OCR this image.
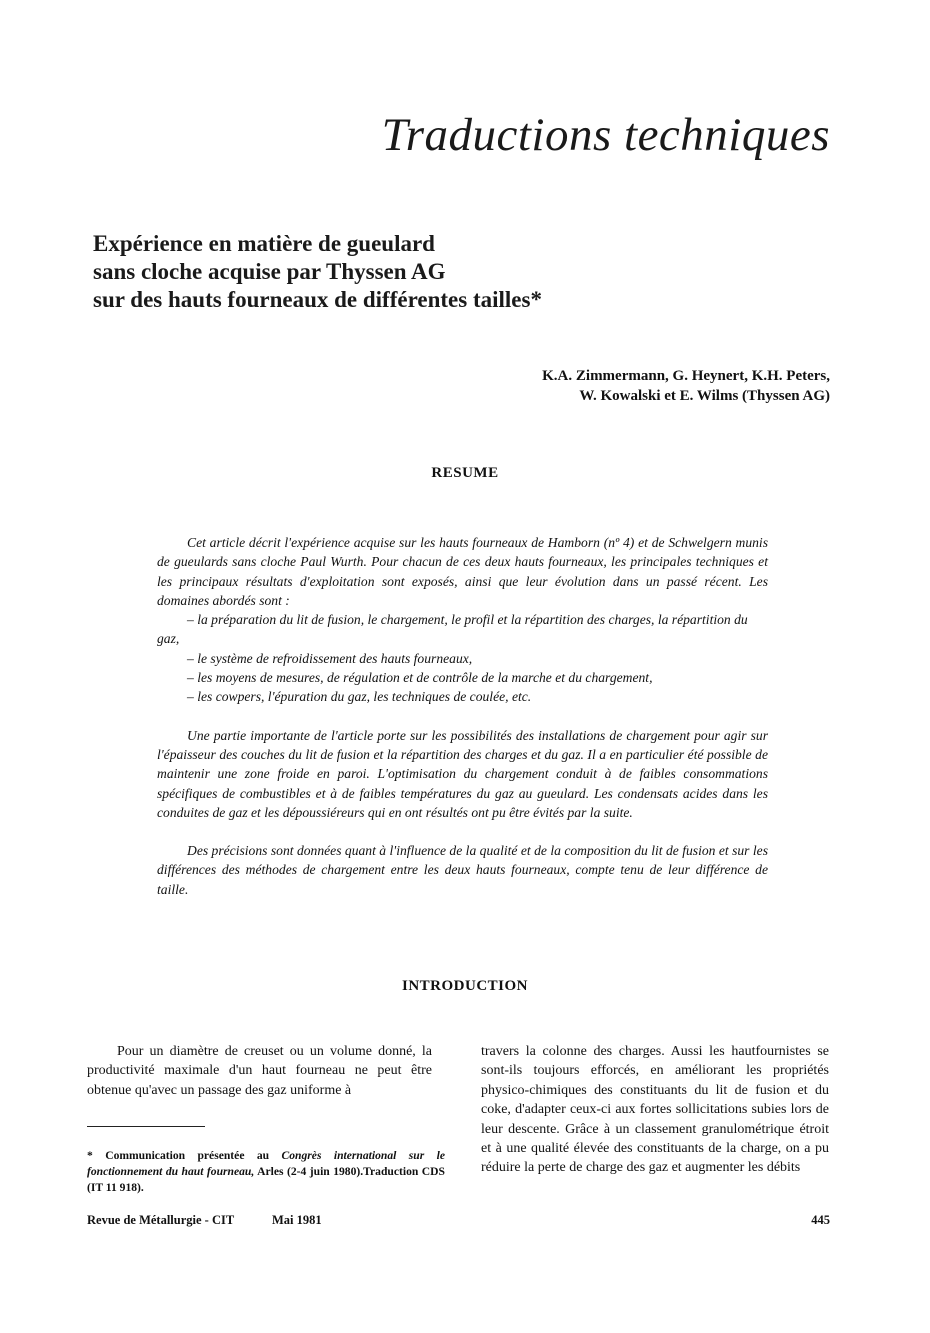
Traductions techniques
Expérience en matière de gueulard
sans cloche acquise par Thyssen AG
sur des hauts fourneaux de différentes tailles*
K.A. Zimmermann, G. Heynert, K.H. Peters,
W. Kowalski et E. Wilms (Thyssen AG)
RESUME

Cet article décrit l'expérience acquise sur les hauts fourneaux de Hamborn (nº 4) et de Schwelgern munis de gueulards sans cloche Paul Wurth. Pour chacun de ces deux hauts fourneaux, les principales techniques et les principaux résultats d'exploitation sont exposés, ainsi que leur évolution dans un passé récent. Les domaines abordés sont :

– la préparation du lit de fusion, le chargement, le profil et la répartition des charges, la répartition du gaz,
– le système de refroidissement des hauts fourneaux,
– les moyens de mesures, de régulation et de contrôle de la marche et du chargement,
– les cowpers, l'épuration du gaz, les techniques de coulée, etc.

Une partie importante de l'article porte sur les possibilités des installations de chargement pour agir sur l'épaisseur des couches du lit de fusion et la répartition des charges et du gaz. Il a en particulier été possible de maintenir une zone froide en paroi. L'optimisation du chargement conduit à de faibles consommations spécifiques de combustibles et à de faibles températures du gaz au gueulard. Les condensats acides dans les conduites de gaz et les dépoussiéreurs qui en ont résultés ont pu être évités par la suite.

Des précisions sont données quant à l'influence de la qualité et de la composition du lit de fusion et sur les différences des méthodes de chargement entre les deux hauts fourneaux, compte tenu de leur différence de taille.

INTRODUCTION

Pour un diamètre de creuset ou un volume donné, la productivité maximale d'un haut fourneau ne peut être obtenue qu'avec un passage des gaz uniforme à

* Communication présentée au Congrès international sur le fonctionnement du haut fourneau, Arles (2-4 juin 1980).Traduction CDS (IT 11 918).

travers la colonne des charges. Aussi les hautfournistes se sont-ils toujours efforcés, en améliorant les propriétés physico-chimiques des constituants du lit de fusion et du coke, d'adapter ceux-ci aux fortes sollicitations subies lors de leur descente. Grâce à un classement granulométrique étroit et à une qualité élevée des constituants de la charge, on a pu réduire la perte de charge des gaz et augmenter les débits

Revue de Métallurgie - CIT	Mai 1981	445
